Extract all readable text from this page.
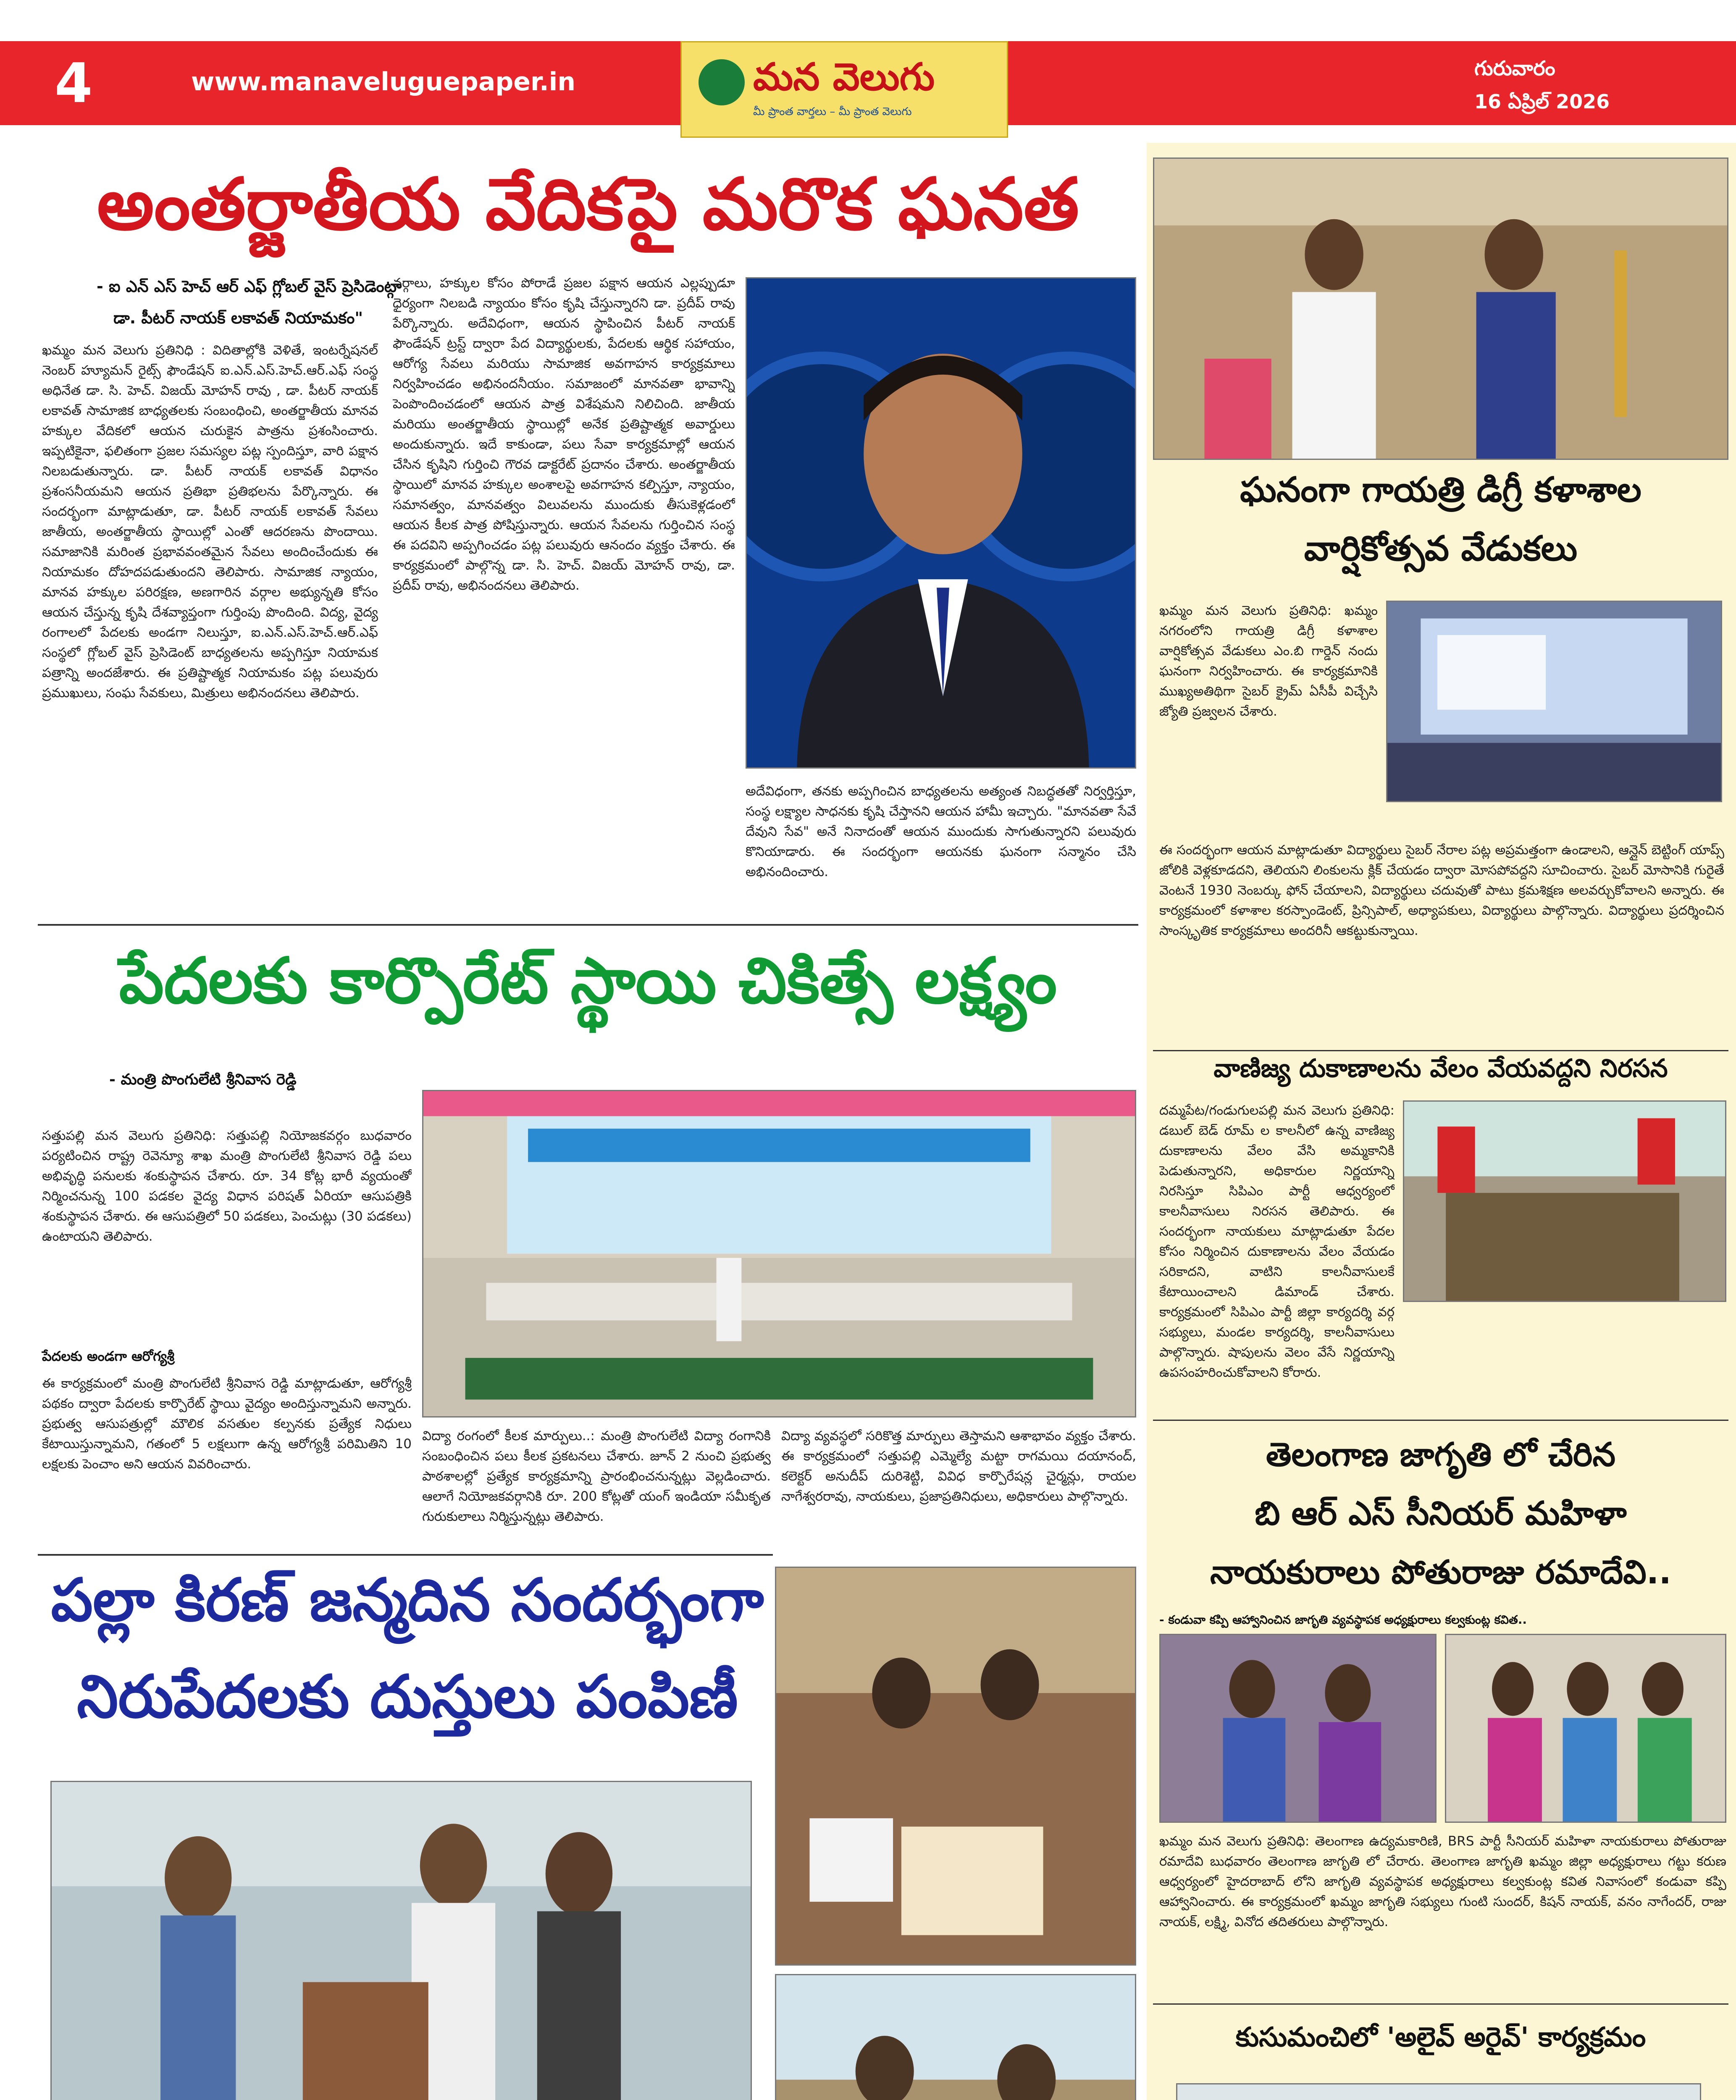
4	www.manaveluguepaper.in	మన వెలుగు
మీ ప్రాంత వార్తలు – మీ ప్రాంత వెలుగు
గురువారం
16 ఏప్రిల్ 2026
అంతర్జాతీయ వేదికపై మరొక ఘనత
- ఐ ఎన్ ఎస్ హెచ్ ఆర్ ఎఫ్ గ్లోబల్ వైస్ ప్రెసిడెంట్గా
డా. పీటర్ నాయక్ లకావత్ నియామకం"
ఖమ్మం మన వెలుగు ప్రతినిధి : విదితాల్లోకి వెళితే, ఇంటర్నేషనల్ నెంబర్ హ్యూమన్ రైట్స్ ఫౌండేషన్ ఐ.ఎన్.ఎస్.హెచ్.ఆర్.ఎఫ్ సంస్థ అధినేత డా. సి. హెచ్. విజయ్ మోహన్ రావు , డా. పీటర్ నాయక్ లకావత్ సామాజిక బాధ్యతలకు సంబంధించి, అంతర్జాతీయ మానవ హక్కుల వేదికలో ఆయన చురుకైన పాత్రను ప్రశంసించారు. ఇప్పటికైనా, ఫలితంగా ప్రజల సమస్యల పట్ల స్పందిస్తూ, వారి పక్షాన నిలబడుతున్నారు. డా. పీటర్ నాయక్ లకావత్ విధానం ప్రశంసనీయమని ఆయన ప్రతిభా ప్రతిభలను పేర్కొన్నారు. ఈ సందర్భంగా మాట్లాడుతూ, డా. పీటర్ నాయక్ లకావత్ సేవలు జాతీయ, అంతర్జాతీయ స్థాయిల్లో ఎంతో ఆదరణను పొందాయి. సమాజానికి మరింత ప్రభావవంతమైన సేవలు అందించేందుకు ఈ నియామకం దోహదపడుతుందని తెలిపారు. సామాజిక న్యాయం, మానవ హక్కుల పరిరక్షణ, అణగారిన వర్గాల అభ్యున్నతి కోసం ఆయన చేస్తున్న కృషి దేశవ్యాప్తంగా గుర్తింపు పొందింది. విద్య, వైద్య రంగాలలో పేదలకు అండగా నిలుస్తూ, ఐ.ఎన్.ఎస్.హెచ్.ఆర్.ఎఫ్ సంస్థలో గ్లోబల్ వైస్ ప్రెసిడెంట్ బాధ్యతలను అప్పగిస్తూ నియామక పత్రాన్ని అందజేశారు. ఈ ప్రతిష్టాత్మక నియామకం పట్ల పలువురు ప్రముఖులు, సంఘ సేవకులు, మిత్రులు అభినందనలు తెలిపారు.
వర్గాలు, హక్కుల కోసం పోరాడే ప్రజల పక్షాన ఆయన ఎల్లప్పుడూ ధైర్యంగా నిలబడి న్యాయం కోసం కృషి చేస్తున్నారని డా. ప్రదీప్ రావు పేర్కొన్నారు. అదేవిధంగా, ఆయన స్థాపించిన పీటర్ నాయక్ ఫౌండేషన్ ట్రస్ట్ ద్వారా పేద విద్యార్థులకు, పేదలకు ఆర్థిక సహాయం, ఆరోగ్య సేవలు మరియు సామాజిక అవగాహన కార్యక్రమాలు నిర్వహించడం అభినందనీయం. సమాజంలో మానవతా భావాన్ని పెంపొందించడంలో ఆయన పాత్ర విశేషమని నిలిచింది. జాతీయ మరియు అంతర్జాతీయ స్థాయిల్లో అనేక ప్రతిష్టాత్మక అవార్డులు అందుకున్నారు. ఇదే కాకుండా, పలు సేవా కార్యక్రమాల్లో ఆయన చేసిన కృషిని గుర్తించి గౌరవ డాక్టరేట్ ప్రదానం చేశారు. అంతర్జాతీయ స్థాయిలో మానవ హక్కుల అంశాలపై అవగాహన కల్పిస్తూ, న్యాయం, సమానత్వం, మానవత్వం విలువలను ముందుకు తీసుకెళ్లడంలో ఆయన కీలక పాత్ర పోషిస్తున్నారు. ఆయన సేవలను గుర్తించిన సంస్థ ఈ పదవిని అప్పగించడం పట్ల పలువురు ఆనందం వ్యక్తం చేశారు. ఈ కార్యక్రమంలో పాల్గొన్న డా. సి. హెచ్. విజయ్ మోహన్ రావు, డా. ప్రదీప్ రావు, అభినందనలు తెలిపారు.
అదేవిధంగా, తనకు అప్పగించిన బాధ్యతలను అత్యంత నిబద్ధతతో నిర్వర్తిస్తూ, సంస్థ లక్ష్యాల సాధనకు కృషి చేస్తానని ఆయన హామీ ఇచ్చారు. "మానవతా సేవే దేవుని సేవ" అనే నినాదంతో ఆయన ముందుకు సాగుతున్నారని పలువురు కొనియాడారు. ఈ సందర్భంగా ఆయనకు ఘనంగా సన్మానం చేసి అభినందించారు.
పేదలకు కార్పొరేట్ స్థాయి చికిత్సే లక్ష్యం
- మంత్రి పొంగులేటి శ్రీనివాస రెడ్డి
సత్తుపల్లి మన వెలుగు ప్రతినిధి: సత్తుపల్లి నియోజకవర్గం బుధవారం పర్యటించిన రాష్ట్ర రెవెన్యూ శాఖ మంత్రి పొంగులేటి శ్రీనివాస రెడ్డి పలు అభివృద్ధి పనులకు శంకుస్థాపన చేశారు. రూ. 34 కోట్ల భారీ వ్యయంతో నిర్మించనున్న 100 పడకల వైద్య విధాన పరిషత్ ఏరియా ఆసుపత్రికి శంకుస్థాపన చేశారు. ఈ ఆసుపత్రిలో 50 పడకలు, పెంచుట్లు (30 పడకలు) ఉంటాయని తెలిపారు.
పేదలకు అండగా ఆరోగ్యశ్రీ
ఈ కార్యక్రమంలో మంత్రి పొంగులేటి శ్రీనివాస రెడ్డి మాట్లాడుతూ, ఆరోగ్యశ్రీ పథకం ద్వారా పేదలకు కార్పొరేట్ స్థాయి వైద్యం అందిస్తున్నామని అన్నారు. ప్రభుత్వ ఆసుపత్రుల్లో మౌలిక వసతుల కల్పనకు ప్రత్యేక నిధులు కేటాయిస్తున్నామని, గతంలో 5 లక్షలుగా ఉన్న ఆరోగ్యశ్రీ పరిమితిని 10 లక్షలకు పెంచాం అని ఆయన వివరించారు.
విద్యా రంగంలో కీలక మార్పులు..: మంత్రి పొంగులేటి విద్యా రంగానికి సంబంధించిన పలు కీలక ప్రకటనలు చేశారు. జూన్ 2 నుంచి ప్రభుత్వ పాఠశాలల్లో ప్రత్యేక కార్యక్రమాన్ని ప్రారంభించనున్నట్లు వెల్లడించారు. ఆలాగే నియోజకవర్గానికి రూ. 200 కోట్లతో యంగ్ ఇండియా సమీకృత గురుకులాలు నిర్మిస్తున్నట్లు తెలిపారు.
విద్యా వ్యవస్థలో సరికొత్త మార్పులు తెస్తామని ఆశాభావం వ్యక్తం చేశారు. ఈ కార్యక్రమంలో సత్తుపల్లి ఎమ్మెల్యే మట్టా రాగమయి దయానంద్, కలెక్టర్ అనుదీప్ దురిశెట్టి, వివిధ కార్పొరేషన్ల చైర్మన్లు, రాయల నాగేశ్వరరావు, నాయకులు, ప్రజాప్రతినిధులు, అధికారులు పాల్గొన్నారు.
పల్లా కిరణ్ జన్మదిన సందర్భంగా
నిరుపేదలకు దుస్తులు పంపిణీ
ఘనంగా గాయత్రి డిగ్రీ కళాశాల
వార్షికోత్సవ వేడుకలు
ఖమ్మం మన వెలుగు ప్రతినిధి: ఖమ్మం నగరంలోని గాయత్రి డిగ్రీ కళాశాల వార్షికోత్సవ వేడుకలు ఎం.బి గార్డెన్ నందు ఘనంగా నిర్వహించారు. ఈ కార్యక్రమానికి ముఖ్యఅతిథిగా సైబర్ క్రైమ్ ఏసీపీ విచ్చేసి జ్యోతి ప్రజ్వలన చేశారు.
ఈ సందర్భంగా ఆయన మాట్లాడుతూ విద్యార్థులు సైబర్ నేరాల పట్ల అప్రమత్తంగా ఉండాలని, ఆన్లైన్ బెట్టింగ్ యాప్స్ జోలికి వెళ్లకూడదని, తెలియని లింకులను క్లిక్ చేయడం ద్వారా మోసపోవద్దని సూచించారు. సైబర్ మోసానికి గురైతే వెంటనే 1930 నెంబర్కు ఫోన్ చేయాలని, విద్యార్థులు చదువుతో పాటు క్రమశిక్షణ అలవర్చుకోవాలని అన్నారు. ఈ కార్యక్రమంలో కళాశాల కరస్పాండెంట్, ప్రిన్సిపాల్, అధ్యాపకులు, విద్యార్థులు పాల్గొన్నారు. విద్యార్థులు ప్రదర్శించిన సాంస్కృతిక కార్యక్రమాలు అందరినీ ఆకట్టుకున్నాయి.
వాణిజ్య దుకాణాలను వేలం వేయవద్దని నిరసన
దమ్మపేట/గండుగులపల్లి మన వెలుగు ప్రతినిధి: డబుల్ బెడ్ రూమ్ ల కాలనీలో ఉన్న వాణిజ్య దుకాణాలను వేలం వేసి అమ్మకానికి పెడుతున్నారని, అధికారుల నిర్ణయాన్ని నిరసిస్తూ సిపిఎం పార్టీ ఆధ్వర్యంలో కాలనీవాసులు నిరసన తెలిపారు. ఈ సందర్భంగా నాయకులు మాట్లాడుతూ పేదల కోసం నిర్మించిన దుకాణాలను వేలం వేయడం సరికాదని, వాటిని కాలనీవాసులకే కేటాయించాలని డిమాండ్ చేశారు. కార్యక్రమంలో సిపిఎం పార్టీ జిల్లా కార్యదర్శి వర్గ సభ్యులు, మండల కార్యదర్శి, కాలనీవాసులు పాల్గొన్నారు. షాపులను వెలం వేసే నిర్ణయాన్ని ఉపసంహరించుకోవాలని కోరారు.
తెలంగాణ జాగృతి లో చేరిన
బి ఆర్ ఎస్ సీనియర్ మహిళా
నాయకురాలు పోతురాజు రమాదేవి..
- కండువా కప్పి ఆహ్వానించిన జాగృతి వ్యవస్థాపక అధ్యక్షురాలు కల్వకుంట్ల కవిత..
ఖమ్మం మన వెలుగు ప్రతినిధి: తెలంగాణ ఉద్యమకారిణి, BRS పార్టీ సీనియర్ మహిళా నాయకురాలు పోతురాజు రమాదేవి బుధవారం తెలంగాణ జాగృతి లో చేరారు. తెలంగాణ జాగృతి ఖమ్మం జిల్లా అధ్యక్షురాలు గట్టు కరుణ ఆధ్వర్యంలో హైదరాబాద్ లోని జాగృతి వ్యవస్థాపక అధ్యక్షురాలు కల్వకుంట్ల కవిత నివాసంలో కండువా కప్పి ఆహ్వానించారు. ఈ కార్యక్రమంలో ఖమ్మం జాగృతి సభ్యులు గుంటి సుందర్, కిషన్ నాయక్, వనం నాగేందర్, రాజు నాయక్, లక్ష్మి, వినోద తదితరులు పాల్గొన్నారు.
కుసుమంచిలో 'అలైవ్ అరైవ్' కార్యక్రమం
